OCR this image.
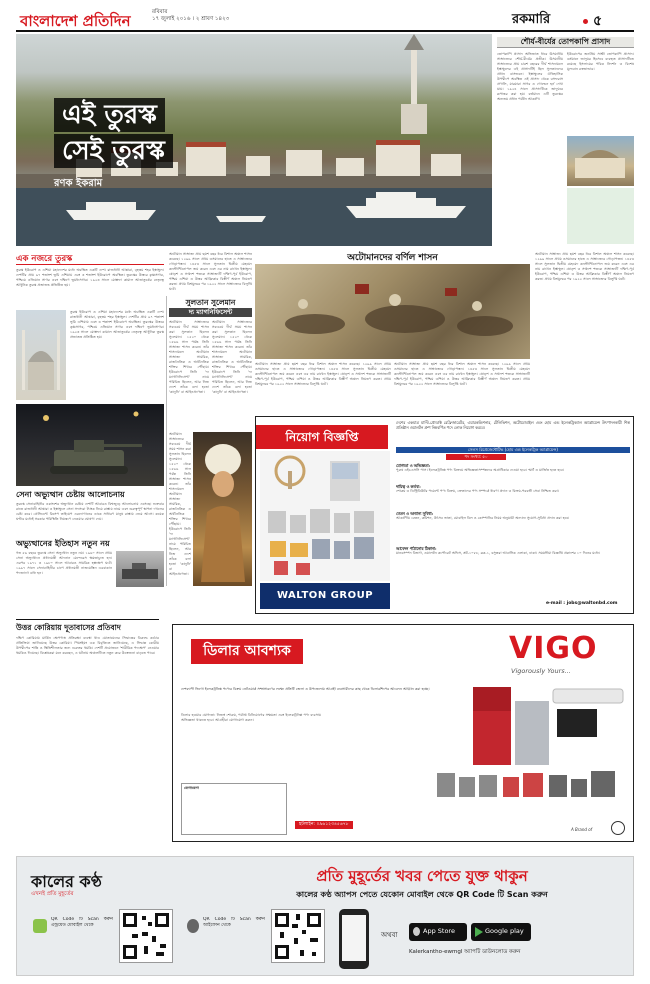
বাংলাদেশ প্রতিদিন	রবিবার
১৭ জুলাই ২০১৬ । ২ শ্রাবণ ১৪২৩	রকমারি	৫
এই তুরস্ক
সেই তুরস্ক
রণক ইকরাম
শৌর্য-বীর্যের তোপকাপি প্রাসাদ
তোপকাপি প্রাসাদ অভিজাত ধারে উসমানীয় সাম্রাজ্যের শৌর্য-বীর্যের প্রতীক। উসমানীয় সাম্রাজ্যের প্রায় চারশ বছরের দীর্ঘ শাসনামলে ইস্তাম্বুলের এই প্রাসাদটিই ছিল সুলতানদের প্রধান বাসভবন। ইস্তাম্বুলের ঐতিহাসিক উপদ্বীপে অবস্থিত এই প্রাসাদ থেকে বসফরাস প্রণালি, মারমারা সাগর ও গোল্ডেন হর্ন দেখা যায়। ১৯২৪ সালে প্রাসাদটিকে জাদুঘরে রূপান্তর করা হয়। বর্তমানে এটি তুরস্কের অন্যতম প্রধান পর্যটন আকর্ষণ।
ইউরোপের জনপ্রিয় সাক্ষী তোপকাপি প্রাসাদ। বর্তমানে জাদুঘর হিসেবে ব্যবহৃত প্রাসাদটিতে রয়েছে ইসলামের পবিত্র নিদর্শন ও বিশেষ মূল্যবান রত্নভান্ডার।
এক নজরে তুরস্ক
তুরস্ক ইউরোপ ও এশিয়া মহাদেশের মধ্যে অবস্থিত একটি দেশ। রাজধানী আঙ্কারা, বৃহত্তম শহর ইস্তাম্বুল। দেশটির প্রায় ৯৭ শতাংশ ভূমি এশিয়ায় এবং ৩ শতাংশ ইউরোপে অবস্থিত। তুরস্কের উত্তরে কৃষ্ণসাগর, পশ্চিমে এজিয়ান সাগর এবং দক্ষিণে ভূমধ্যসাগর। ১৯২৩ সালে মোস্তফা কামাল আতাতুর্কের নেতৃত্বে আধুনিক তুরস্ক প্রজাতন্ত্র প্রতিষ্ঠিত হয়।
তুরস্ক ইউরোপ ও এশিয়া মহাদেশের মধ্যে অবস্থিত একটি দেশ। রাজধানী আঙ্কারা, বৃহত্তম শহর ইস্তাম্বুল। দেশটির প্রায় ৯৭ শতাংশ ভূমি এশিয়ায় এবং ৩ শতাংশ ইউরোপে অবস্থিত। তুরস্কের উত্তরে কৃষ্ণসাগর, পশ্চিমে এজিয়ান সাগর এবং দক্ষিণে ভূমধ্যসাগর। ১৯২৩ সালে মোস্তফা কামাল আতাতুর্কের নেতৃত্বে আধুনিক তুরস্ক প্রজাতন্ত্র প্রতিষ্ঠিত হয়।
সেনা অভ্যুত্থান চেষ্টায় আলোচনায়
তুরস্কে সেনাবাহিনীর একাংশের অভ্যুত্থান চেষ্টায় দেশটি আবারও বিশ্বজুড়ে আলোচনায় এসেছে। শুক্রবার রাতে রাজধানী আঙ্কারা ও ইস্তাম্বুলে সেনা সদস্যরা ট্যাংক নিয়ে রাস্তায় নামে এবং গুরুত্বপূর্ণ স্থাপনা দখলের চেষ্টা করে। প্রেসিডেন্ট রিসেপ তাইয়েপ এরদোগানের ডাকে সাধারণ মানুষ রাস্তায় নেমে আসে। কয়েক ঘণ্টার মধ্যেই সরকার পরিস্থিতি নিয়ন্ত্রণে নেওয়ার ঘোষণা দেয়।
সুলতান সুলেমান
দ্য ম্যাগনিফিসেন্ট
অটোমান সাম্রাজ্যের সবচেয়ে দীর্ঘ সময় শাসন করা সুলতান ছিলেন সুলেমান। ১৫২০ থেকে ১৫৬৬ সাল পর্যন্ত তিনি সাম্রাজ্য শাসন করেন। তাঁর শাসনামলে অটোমান সাম্রাজ্য সামরিক, রাজনৈতিক ও অর্থনৈতিক শক্তির শিখরে পৌঁছায়। ইউরোপে তিনি 'দ্য ম্যাগনিফিসেন্ট' নামে পরিচিত ছিলেন, আর নিজ দেশে তাঁকে বলা হতো 'কানুনি' বা আইনপ্রণেতা।
অটোমান সাম্রাজ্যের সবচেয়ে দীর্ঘ সময় শাসন করা সুলতান ছিলেন সুলেমান। ১৫২০ থেকে ১৫৬৬ সাল পর্যন্ত তিনি সাম্রাজ্য শাসন করেন। তাঁর শাসনামলে অটোমান সাম্রাজ্য সামরিক, রাজনৈতিক ও অর্থনৈতিক শক্তির শিখরে পৌঁছায়। ইউরোপে তিনি 'দ্য ম্যাগনিফিসেন্ট' নামে পরিচিত ছিলেন, আর নিজ দেশে তাঁকে বলা হতো 'কানুনি' বা আইনপ্রণেতা।
অটোমানদের বর্ণিল শাসন
অটোমান সাম্রাজ্য প্রায় ছয়শ বছর ধরে বিশাল অঞ্চল শাসন করেছে। ১২৯৯ সালে প্রথম ওসমানের হাতে এ সাম্রাজ্যের গোড়াপত্তন। ১৪৫৩ সালে সুলতান দ্বিতীয় মেহমেদ কনস্টান্টিনোপল জয় করেন এবং এর নাম রাখেন ইস্তাম্বুল। ষোড়শ ও সপ্তদশ শতকে সাম্রাজ্যটি দক্ষিণ-পূর্ব ইউরোপ, পশ্চিম এশিয়া ও উত্তর আফ্রিকার বিস্তীর্ণ অঞ্চল নিয়ন্ত্রণ করত। প্রথম বিশ্বযুদ্ধের পর ১৯২২ সালে সাম্রাজ্যের বিলুপ্তি ঘটে।
অটোমান সাম্রাজ্য প্রায় ছয়শ বছর ধরে বিশাল অঞ্চল শাসন করেছে। ১২৯৯ সালে প্রথম ওসমানের হাতে এ সাম্রাজ্যের গোড়াপত্তন। ১৪৫৩ সালে সুলতান দ্বিতীয় মেহমেদ কনস্টান্টিনোপল জয় করেন এবং এর নাম রাখেন ইস্তাম্বুল। ষোড়শ ও সপ্তদশ শতকে সাম্রাজ্যটি দক্ষিণ-পূর্ব ইউরোপ, পশ্চিম এশিয়া ও উত্তর আফ্রিকার বিস্তীর্ণ অঞ্চল নিয়ন্ত্রণ করত। প্রথম বিশ্বযুদ্ধের পর ১৯২২ সালে সাম্রাজ্যের বিলুপ্তি ঘটে।
অটোমান সাম্রাজ্য প্রায় ছয়শ বছর ধরে বিশাল অঞ্চল শাসন করেছে। ১২৯৯ সালে প্রথম ওসমানের হাতে এ সাম্রাজ্যের গোড়াপত্তন। ১৪৫৩ সালে সুলতান দ্বিতীয় মেহমেদ কনস্টান্টিনোপল জয় করেন এবং এর নাম রাখেন ইস্তাম্বুল। ষোড়শ ও সপ্তদশ শতকে সাম্রাজ্যটি দক্ষিণ-পূর্ব ইউরোপ, পশ্চিম এশিয়া ও উত্তর আফ্রিকার বিস্তীর্ণ অঞ্চল নিয়ন্ত্রণ করত। প্রথম বিশ্বযুদ্ধের পর ১৯২২ সালে সাম্রাজ্যের বিলুপ্তি ঘটে।
অটোমান সাম্রাজ্য প্রায় ছয়শ বছর ধরে বিশাল অঞ্চল শাসন করেছে। ১২৯৯ সালে প্রথম ওসমানের হাতে এ সাম্রাজ্যের গোড়াপত্তন। ১৪৫৩ সালে সুলতান দ্বিতীয় মেহমেদ কনস্টান্টিনোপল জয় করেন এবং এর নাম রাখেন ইস্তাম্বুল। ষোড়শ ও সপ্তদশ শতকে সাম্রাজ্যটি দক্ষিণ-পূর্ব ইউরোপ, পশ্চিম এশিয়া ও উত্তর আফ্রিকার বিস্তীর্ণ অঞ্চল নিয়ন্ত্রণ করত। প্রথম বিশ্বযুদ্ধের পর ১৯২২ সালে সাম্রাজ্যের বিলুপ্তি ঘটে।
অভ্যুত্থানের ইতিহাস নতুন নয়
গত ৫৬ বছরে তুরস্কে সেনা অভ্যুত্থান নতুন নয়। ১৯৬০ সালে প্রথম সেনা অভ্যুত্থানে প্রধানমন্ত্রী আদনান মেন্দেরেস ক্ষমতাচ্যুত হন। এরপর ১৯৭১ ও ১৯৮০ সালে আবারও সামরিক হস্তক্ষেপ ঘটে। ১৯৯৭ সালে সেনাবাহিনীর চাপে প্রধানমন্ত্রী নাজমেত্তিন এরবাকান পদত্যাগে বাধ্য হন।
অটোমান সাম্রাজ্যের সবচেয়ে দীর্ঘ সময় শাসন করা সুলতান ছিলেন সুলেমান। ১৫২০ থেকে ১৫৬৬ সাল পর্যন্ত তিনি সাম্রাজ্য শাসন করেন। তাঁর শাসনামলে অটোমান সাম্রাজ্য সামরিক, রাজনৈতিক ও অর্থনৈতিক শক্তির শিখরে পৌঁছায়। ইউরোপে তিনি 'দ্য ম্যাগনিফিসেন্ট' নামে পরিচিত ছিলেন, আর নিজ দেশে তাঁকে বলা হতো 'কানুনি' বা আইনপ্রণেতা।
নিয়োগ বিজ্ঞপ্তি
দেশের একমাত্র মাল্টি-প্রোডাক্ট রেফ্রিজারেটর, এয়ারকন্ডিশনার, টেলিভিশন, অটোমোবাইল এবং হোম এন্ড ইলেকট্রিক্যাল অ্যাপ্লায়েন্স উৎপাদনকারী শিল্প প্রতিষ্ঠান ওয়ালটন গ্রুপ নিম্নবর্ণিত পদে লোক নিয়োগ করবে।
সেলস রিপ্রেজেন্টেটিভ (হোম এন্ড ইলেকট্রিক অ্যাপ্লায়েন্স)
পদ সংখ্যা: ৫০
WALTON GROUP
যোগ্যতা ও অভিজ্ঞতা:
পুরুষ এইচএসসি পাস। ইলেকট্রনিক্স পণ্য বিক্রয়ে অভিজ্ঞতাসম্পন্নদের অগ্রাধিকার দেওয়া হবে। স্মার্ট ও মার্জিত হতে হবে।
দায়িত্ব ও কর্তব্য:
শোরুম ও ডিস্ট্রিবিউটর পয়েন্টে পণ্য বিক্রয়, ক্রেতাদের পণ্য সম্পর্কে ধারণা প্রদান ও বিক্রয়-পরবর্তী সেবা নিশ্চিত করা।
বেতন ও অন্যান্য সুবিধা:
আকর্ষণীয় বেতন, কমিশন, উৎসব ভাতা, মোবাইল বিল ও কোম্পানির নিয়ম অনুযায়ী অন্যান্য সুযোগ-সুবিধা প্রদান করা হবে।
আবেদন পাঠানোর ঠিকানা:
মানবসম্পদ বিভাগ, ওয়ালটন কর্পোরেট অফিস, প্লট-১০৮৮, ব্লক-১, বসুন্ধরা আবাসিক এলাকা, ঢাকা। সময়সীমা বিজ্ঞপ্তি প্রকাশের ১০ দিনের মধ্যে।
e-mail : jobs@waltonbd.com
উত্তর কোরিয়ায় দূতাবাসের প্রতিবাদ
দক্ষিণ কোরিয়ায় মার্কিন ক্ষেপণাস্ত্র প্রতিরক্ষা ব্যবস্থা থাড মোতায়েনের সিদ্ধান্তের বিরুদ্ধে কঠোর প্রতিক্রিয়া জানিয়েছে উত্তর কোরিয়া। পিয়ংইয়ং এক বিবৃতিতে জানিয়েছে, এ সিদ্ধান্ত কোরীয় উপদ্বীপের শান্তি ও স্থিতিশীলতার জন্য গুরুতর হুমকি। দেশটি প্রয়োজনে 'শারীরিক পদক্ষেপ' নেওয়ার হুমকিও দিয়েছে। বিশ্লেষকরা মনে করছেন, এ ঘটনায় অঞ্চলটিতে নতুন করে উত্তেজনা বাড়তে পারে।	ডিলার আবশ্যক	VIGO
Vigorously Yours...
দেশব্যাপী ভিগো ইলেকট্রনিক্স পণ্যের বিক্রয় নেটওয়ার্ক সম্প্রসারণের লক্ষ্যে প্রতিটি জেলা ও উপজেলায় আগ্রহী ব্যবসায়ীদের কাছ থেকে ডিলারশিপের আবেদন আহ্বান করা হচ্ছে।
ডিলার হওয়ার যোগ্যতা: নিজস্ব শোরুম, পর্যাপ্ত বিনিয়োগের সক্ষমতা এবং ইলেকট্রনিক্স পণ্য ব্যবসায় অভিজ্ঞতা থাকতে হবে। আগ্রহীরা যোগাযোগ করুন।
যোগাযোগ
হটলাইন: ০৯৬১২৩৪৫৬৭৮
A Brand of
কালের কণ্ঠ
এখনই প্রতি মুহূর্তের
প্রতি মুহূর্তের খবর পেতে যুক্ত থাকুন
কালের কণ্ঠ অ্যাপস পেতে যেকোন মোবাইল থেকে QR Code টি Scan করুন
QR Code টি Scan করুন এন্ড্রয়েড মোবাইল থেকে
QR Code টি Scan করুন আইফোন থেকে
অথবা	App Store	Google play
Kalerkantho-ewmgl অ্যাপটি ডাউনলোড করুন
